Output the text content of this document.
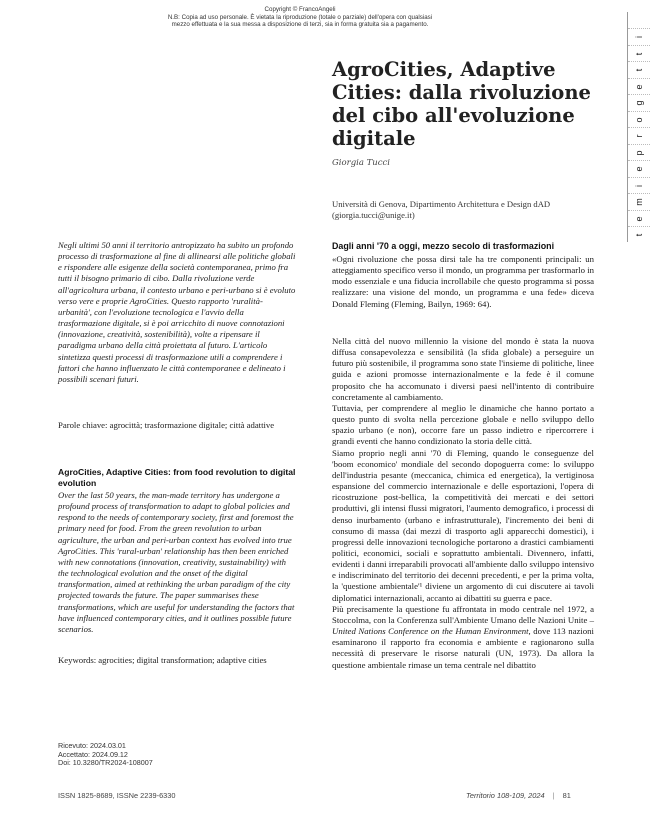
Copyright © FrancoAngeli
N.B: Copia ad uso personale. È vietata la riproduzione (totale o parziale) dell'opera con qualsiasi
mezzo effettuata e la sua messa a disposizione di terzi, sia in forma gratuita sia a pagamento.
t
e
m
i
e
p
r
o
g
e
t
t
i
AgroCities, Adaptive Cities: dalla rivoluzione del cibo all'evoluzione digitale
Giorgia Tucci
Università di Genova, Dipartimento Architettura e Design dAD
(giorgia.tucci@unige.it)
Negli ultimi 50 anni il territorio antropizzato ha subito un profondo processo di trasformazione al fine di allinearsi alle politiche globali e rispondere alle esigenze della società contemporanea, primo fra tutti il bisogno primario di cibo. Dalla rivoluzione verde all'agricoltura urbana, il contesto urbano e peri-urbano si è evoluto verso vere e proprie AgroCities. Questo rapporto 'ruralità-urbanità', con l'evoluzione tecnologica e l'avvio della trasformazione digitale, si è poi arricchito di nuove connotazioni (innovazione, creatività, sostenibilità), volte a ripensare il paradigma urbano della città proiettata al futuro. L'articolo sintetizza questi processi di trasformazione utili a comprendere i fattori che hanno influenzato le città contemporanee e delineato i possibili scenari futuri.
Parole chiave: agrocittà; trasformazione digitale; città adattive
AgroCities, Adaptive Cities: from food revolution to digital evolution
Over the last 50 years, the man-made territory has undergone a profound process of transformation to adapt to global policies and respond to the needs of contemporary society, first and foremost the primary need for food. From the green revolution to urban agriculture, the urban and peri-urban context has evolved into true AgroCities. This 'rural-urban' relationship has then been enriched with new connotations (innovation, creativity, sustainability) with the technological evolution and the onset of the digital transformation, aimed at rethinking the urban paradigm of the city projected towards the future. The paper summarises these transformations, which are useful for understanding the factors that have influenced contemporary cities, and it outlines possible future scenarios.
Keywords: agrocities; digital transformation; adaptive cities
Ricevuto: 2024.03.01
Accettato: 2024.09.12
Doi: 10.3280/TR2024-108007
Dagli anni '70 a oggi, mezzo secolo di trasformazioni

«Ogni rivoluzione che possa dirsi tale ha tre componenti principali: un atteggiamento specifico verso il mondo, un programma per trasformarlo in modo essenziale e una fiducia incrollabile che questo programma si possa realizzare: una visione del mondo, un programma e una fede» diceva Donald Fleming (Fleming, Bailyn, 1969: 64).

Nella città del nuovo millennio la visione del mondo è stata la nuova diffusa consapevolezza e sensibilità (la sfida globale) a perseguire un futuro più sostenibile, il programma sono state l'insieme di politiche, linee guida e azioni promosse internazionalmente e la fede è il comune proposito che ha accomunato i diversi paesi nell'intento di contribuire concretamente al cambiamento.

Tuttavia, per comprendere al meglio le dinamiche che hanno portato a questo punto di svolta nella percezione globale e nello sviluppo dello spazio urbano (e non), occorre fare un passo indietro e ripercorrere i grandi eventi che hanno condizionato la storia delle città.

Siamo proprio negli anni '70 di Fleming, quando le conseguenze del 'boom economico' mondiale del secondo dopoguerra come: lo sviluppo dell'industria pesante (meccanica, chimica ed energetica), la vertiginosa espansione del commercio internazionale e delle esportazioni, l'opera di ricostruzione post-bellica, la competitività dei mercati e dei settori produttivi, gli intensi flussi migratori, l'aumento demografico, i processi di denso inurbamento (urbano e infrastrutturale), l'incremento dei beni di consumo di massa (dai mezzi di trasporto agli apparecchi domestici), i progressi delle innovazioni tecnologiche portarono a drastici cambiamenti politici, economici, sociali e soprattutto ambientali. Divennero, infatti, evidenti i danni irreparabili provocati all'ambiente dallo sviluppo intensivo e indiscriminato del territorio dei decenni precedenti, e per la prima volta, la 'questione ambientale'¹ diviene un argomento di cui discutere ai tavoli diplomatici internazionali, accanto ai dibattiti su guerra e pace.

Più precisamente la questione fu affrontata in modo centrale nel 1972, a Stoccolma, con la Conferenza sull'Ambiente Umano delle Nazioni Unite – United Nations Conference on the Human Environment, dove 113 nazioni esaminarono il rapporto fra economia e ambiente e ragionarono sulla necessità di preservare le risorse naturali (UN, 1973). Da allora la questione ambientale rimase un tema centrale nel dibattito

ISSN 1825-8689, ISSNe 2239-6330	Territorio 108-109, 2024 | 81
